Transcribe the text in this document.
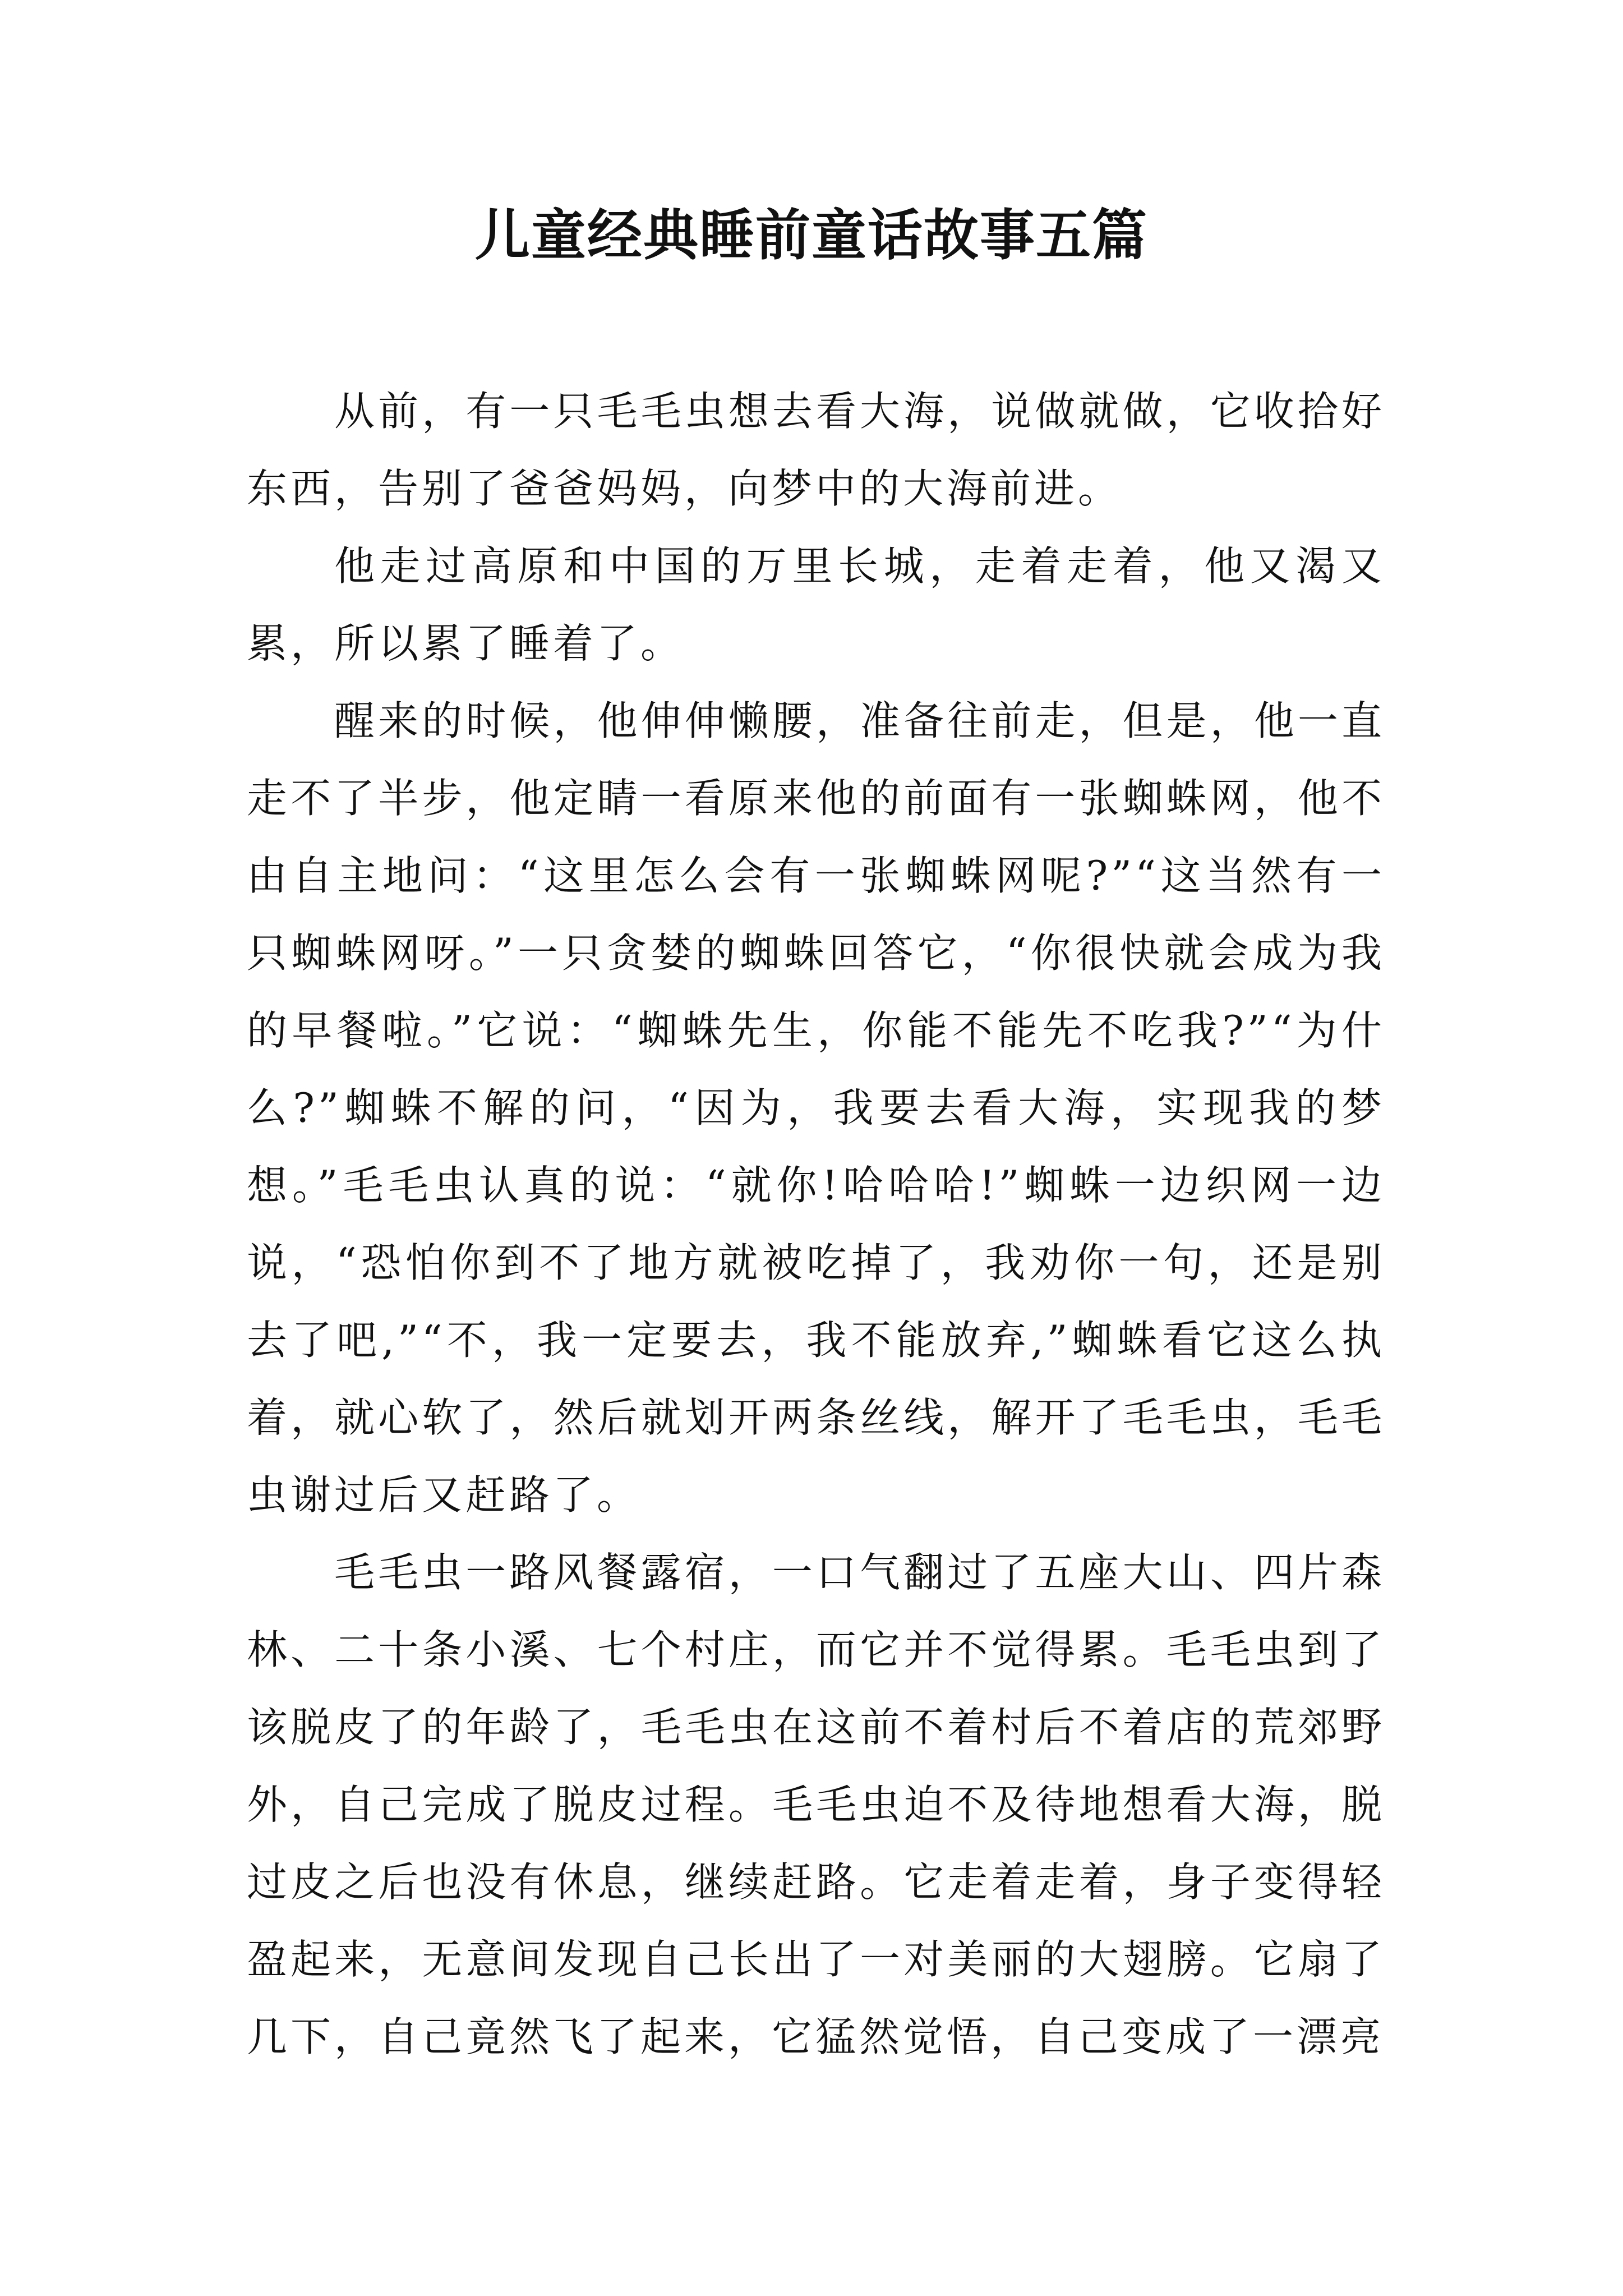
儿童经典睡前童话故事五篇

从前，有一只毛毛虫想去看大海，说做就做，它收拾好东西，告别了爸爸妈妈，向梦中的大海前进。

他走过高原和中国的万里长城，走着走着，他又渴又累，所以累了睡着了。

醒来的时候，他伸伸懒腰，准备往前走，但是，他一直走不了半步，他定睛一看原来他的前面有一张蜘蛛网，他不由自主地问：“这里怎么会有一张蜘蛛网呢?”“这当然有一只蜘蛛网呀。”一只贪婪的蜘蛛回答它，“你很快就会成为我的早餐啦。”它说：“蜘蛛先生，你能不能先不吃我?”“为什么?”蜘蛛不解的问，“因为，我要去看大海，实现我的梦想。”毛毛虫认真的说：“就你!哈哈哈!”蜘蛛一边织网一边说，“恐怕你到不了地方就被吃掉了，我劝你一句，还是别去了吧,”“不，我一定要去，我不能放弃,”蜘蛛看它这么执着，就心软了，然后就划开两条丝线，解开了毛毛虫，毛毛虫谢过后又赶路了。

毛毛虫一路风餐露宿，一口气翻过了五座大山、四片森林、二十条小溪、七个村庄，而它并不觉得累。毛毛虫到了该脱皮了的年龄了，毛毛虫在这前不着村后不着店的荒郊野外，自己完成了脱皮过程。毛毛虫迫不及待地想看大海，脱过皮之后也没有休息，继续赶路。它走着走着，身子变得轻盈起来，无意间发现自己长出了一对美丽的大翅膀。它扇了几下，自己竟然飞了起来，它猛然觉悟，自己变成了一漂亮
